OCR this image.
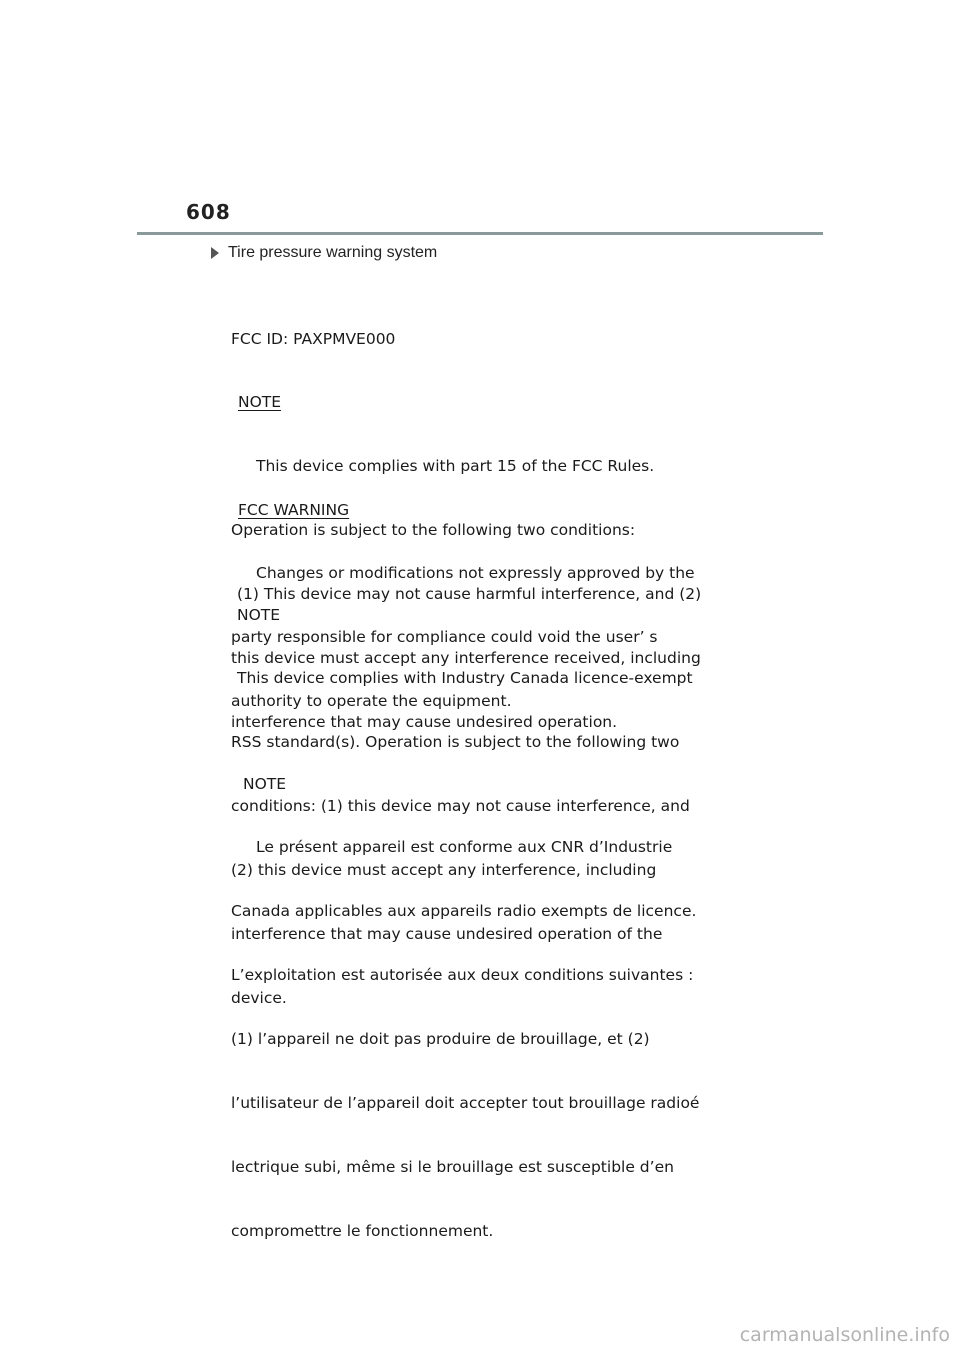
608
Tire pressure warning system

FCC ID: PAXPMVE000

NOTE

This device complies with part 15 of the FCC Rules.

Operation is subject to the following two conditions:

(1) This device may not cause harmful interference, and (2)

this device must accept any interference received, including

interference that may cause undesired operation.

FCC WARNING

Changes or modifications not expressly approved by the

party responsible for compliance could void the user’ s

authority to operate the equipment.

NOTE

This device complies with Industry Canada licence-exempt

RSS standard(s). Operation is subject to the following two

conditions: (1) this device may not cause interference, and

(2) this device must accept any interference, including

interference that may cause undesired operation of the

device.

NOTE

Le présent appareil est conforme aux CNR d’Industrie

Canada applicables aux appareils radio exempts de licence.

L’exploitation est autorisée aux deux conditions suivantes :

(1) l’appareil ne doit pas produire de brouillage, et (2)

l’utilisateur de l’appareil doit accepter tout brouillage radioé

lectrique subi, même si le brouillage est susceptible d’en

compromettre le fonctionnement.

carmanualsonline.info
